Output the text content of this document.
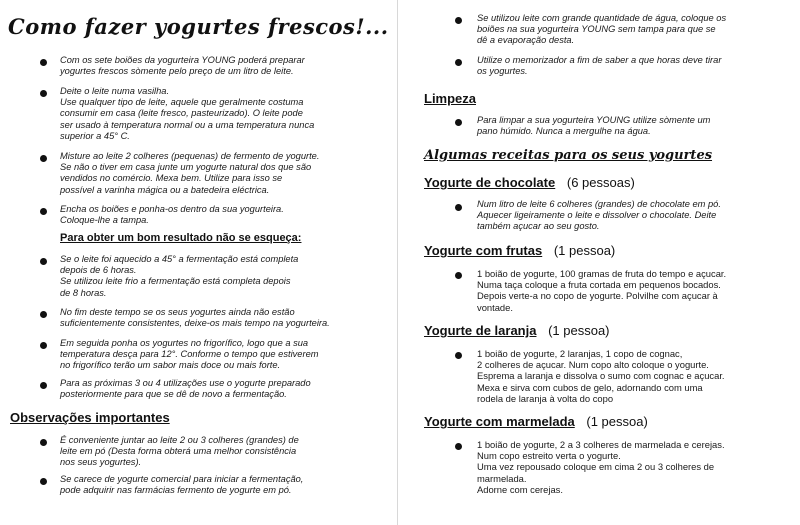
Como fazer yogurtes frescos!...
Com os sete boiões da yogurteira YOUNG poderá preparar
yogurtes frescos sòmente pelo preço de um litro de leite.
Deite o leite numa vasilha.
Use qualquer tipo de leite, aquele que geralmente costuma
consumir em casa (leite fresco, pasteurizado). O leite pode
ser usado à temperatura normal ou a uma temperatura nunca
superior a 45° C.
Misture ao leite 2 colheres (pequenas) de fermento de yogurte.
Se não o tiver em casa junte um yogurte natural dos que são
vendidos no comércio. Mexa bem. Utilize para isso se
possível a varinha mágica ou a batedeira eléctrica.
Encha os boiões e ponha-os dentro da sua yogurteira.
Coloque-lhe a tampa.
Para obter um bom resultado não se esqueça:
Se o leite foi aquecido a 45° a fermentação está completa
depois de 6 horas.
Se utilizou leite frio a fermentação está completa depois
de 8 horas.
No fim deste tempo se os seus yogurtes ainda não estão
suficientemente consistentes, deixe-os mais tempo na yogurteira.
Em seguida ponha os yogurtes no frigorífico, logo que a sua
temperatura desça para 12°. Conforme o tempo que estiverem
no frigorífico terão um sabor mais doce ou mais forte.
Para as próximas 3 ou 4 utilizações use o yogurte preparado
posteriormente para que se dê de novo a fermentação.
Observações importantes
É conveniente juntar ao leite 2 ou 3 colheres (grandes) de
leite em pó (Desta forma obterá uma melhor consistência
nos seus yogurtes).
Se carece de yogurte comercial para iniciar a fermentação,
pode adquirir nas farmácias fermento de yogurte em pó.
Se utilizou leite com grande quantidade de água, coloque os
boiões na sua yogurteira YOUNG sem tampa para que se
dê a evaporação desta.
Utilize o memorizador a fim de saber a que horas deve tirar
os yogurtes.
Limpeza
Para limpar a sua yogurteira YOUNG utilize sòmente um
pano húmido. Nunca a mergulhe na água.
Algumas receitas para os seus yogurtes
Yogurte de chocolate (6 pessoas)
Num litro de leite 6 colheres (grandes) de chocolate em pó.
Aquecer ligeiramente o leite e dissolver o chocolate. Deite
também açucar ao seu gosto.
Yogurte com frutas (1 pessoa)
1 boião de yogurte, 100 gramas de fruta do tempo e açucar.
Numa taça coloque a fruta cortada em pequenos bocados.
Depois verte-a no copo de yogurte. Polvilhe com açucar à
vontade.
Yogurte de laranja (1 pessoa)
1 boião de yogurte, 2 laranjas, 1 copo de cognac,
2 colheres de açucar. Num copo alto coloque o yogurte.
Esprema a laranja e dissolva o sumo com cognac e açucar.
Mexa e sirva com cubos de gelo, adornando com uma
rodela de laranja à volta do copo
Yogurte com marmelada (1 pessoa)
1 boião de yogurte, 2 a 3 colheres de marmelada e cerejas.
Num copo estreito verta o yogurte.
Uma vez repousado coloque em cima 2 ou 3 colheres de
marmelada.
Adorne com cerejas.
